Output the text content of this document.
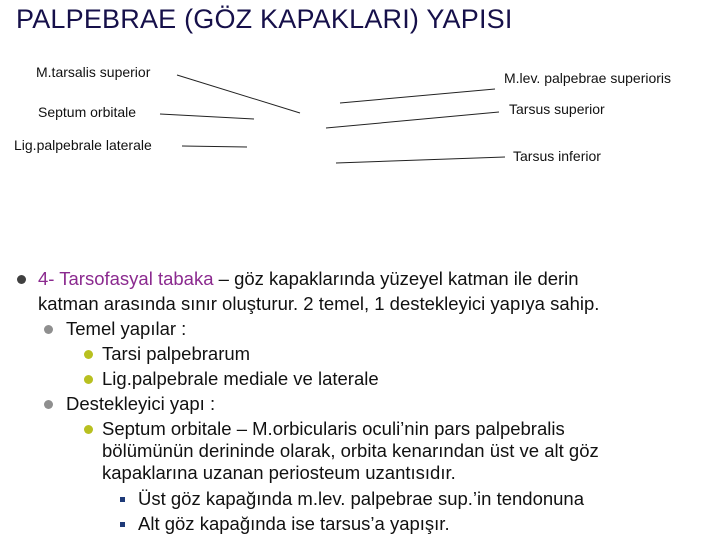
PALPEBRAE (GÖZ KAPAKLARI) YAPISI
M.tarsalis superior
Septum orbitale
Lig.palpebrale laterale
M.lev. palpebrae superioris
Tarsus superior
Tarsus inferior
4- Tarsofasyal tabaka – göz kapaklarında yüzeyel katman ile derin
katman arasında sınır oluşturur. 2 temel, 1 destekleyici yapıya sahip.
Temel yapılar :
Tarsi palpebrarum
Lig.palpebrale mediale ve laterale
Destekleyici yapı :
Septum orbitale – M.orbicularis oculi’nin pars palpebralis
bölümünün derininde olarak, orbita kenarından üst ve alt göz
kapaklarına uzanan periosteum uzantısıdır.
Üst göz kapağında m.lev. palpebrae sup.’in tendonuna
Alt göz kapağında ise tarsus’a yapışır.
